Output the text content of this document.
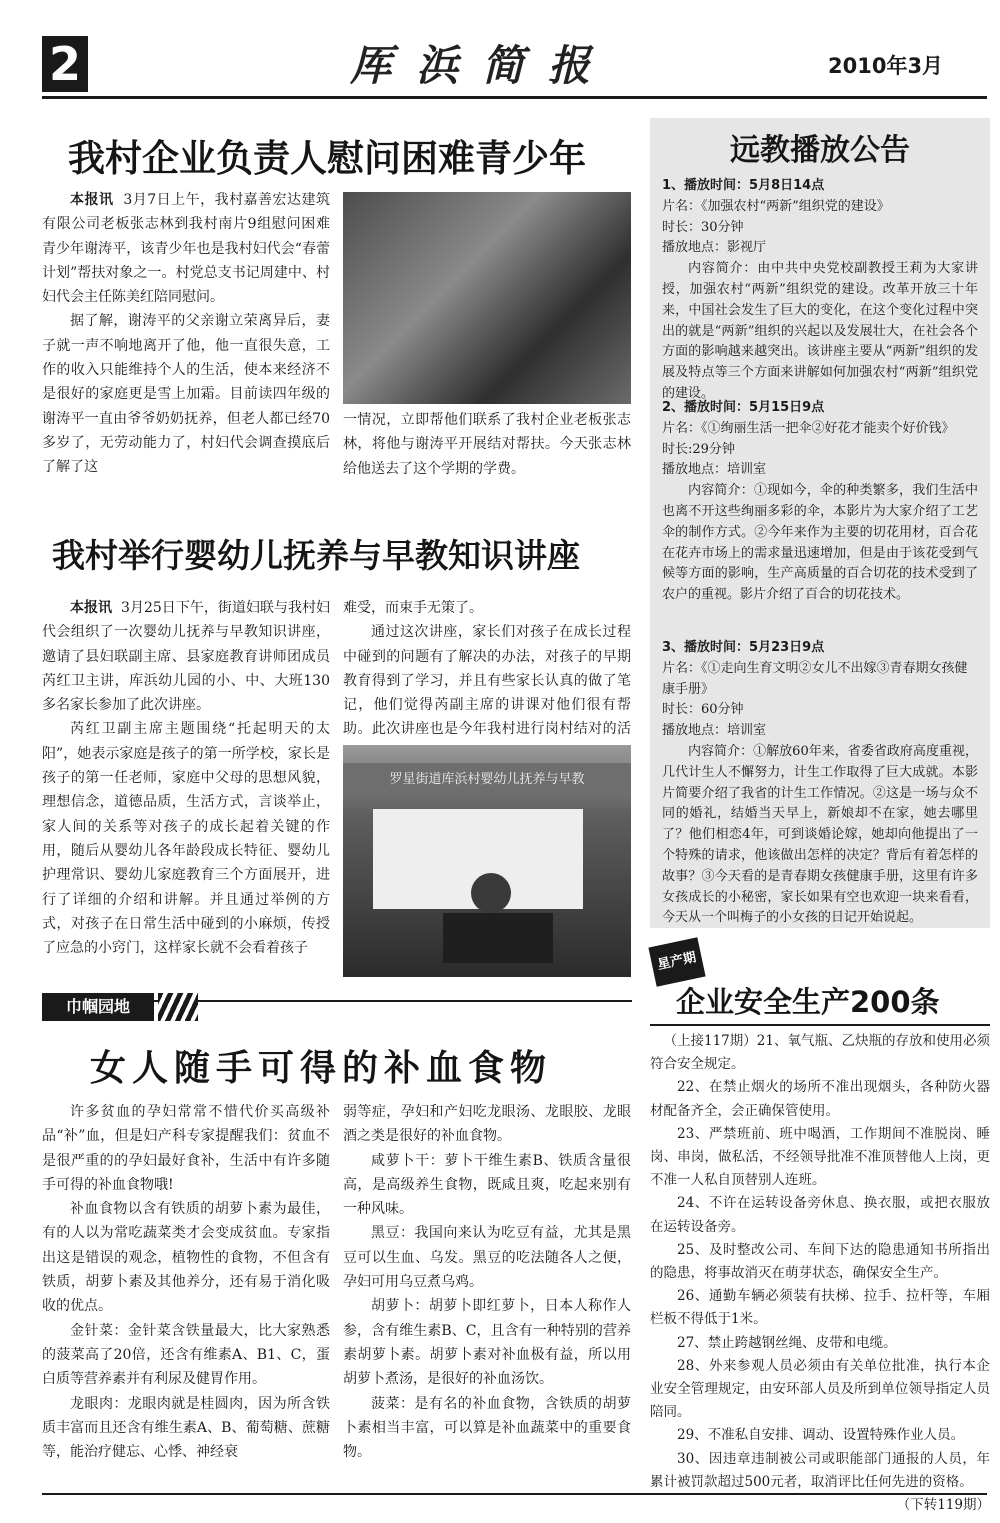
2	厍浜简报	2010年3月
我村企业负责人慰问困难青少年

本报讯 3月7日上午，我村嘉善宏达建筑有限公司老板张志林到我村南片9组慰问困难青少年谢涛平，该青少年也是我村妇代会“春蕾计划”帮扶对象之一。村党总支书记周建中、村妇代会主任陈美红陪同慰问。

据了解，谢涛平的父亲谢立荣离异后，妻子就一声不响地离开了他，他一直很失意，工作的收入只能维持个人的生活，使本来经济不是很好的家庭更是雪上加霜。目前读四年级的谢涛平一直由爷爷奶奶抚养，但老人都已经70多岁了，无劳动能力了，村妇代会调查摸底后了解了这

一情况，立即帮他们联系了我村企业老板张志林，将他与谢涛平开展结对帮扶。今天张志林给他送去了这个学期的学费。

我村举行婴幼儿抚养与早教知识讲座

本报讯 3月25日下午，街道妇联与我村妇代会组织了一次婴幼儿抚养与早教知识讲座，邀请了县妇联副主席、县家庭教育讲师团成员芮红卫主讲，库浜幼儿园的小、中、大班130多名家长参加了此次讲座。

芮红卫副主席主题围绕“托起明天的太阳”，她表示家庭是孩子的第一所学校，家长是孩子的第一任老师，家庭中父母的思想风貌，理想信念，道德品质，生活方式，言谈举止，家人间的关系等对孩子的成长起着关键的作用，随后从婴幼儿各年龄段成长特征、婴幼儿护理常识、婴幼儿家庭教育三个方面展开，进行了详细的介绍和讲解。并且通过举例的方式，对孩子在日常生活中碰到的小麻烦，传授了应急的小窍门，这样家长就不会看着孩子

难受，而束手无策了。

通过这次讲座，家长们对孩子在成长过程中碰到的问题有了解决的办法，对孩子的早期教育得到了学习，并且有些家长认真的做了笔记，他们觉得芮副主席的讲课对他们很有帮助。此次讲座也是今年我村进行岗村结对的活

罗星街道库浜村婴幼儿抚养与早教
巾帼园地
女人随手可得的补血食物

许多贫血的孕妇常常不惜代价买高级补品“补”血，但是妇产科专家提醒我们：贫血不是很严重的的孕妇最好食补，生活中有许多随手可得的补血食物哦!

补血食物以含有铁质的胡萝卜素为最佳，有的人以为常吃蔬菜类才会变成贫血。专家指出这是错误的观念，植物性的食物，不但含有铁质，胡萝卜素及其他养分，还有易于消化吸收的优点。

金针菜：金针菜含铁量最大，比大家熟悉的菠菜高了20倍，还含有维素A、B1、C，蛋白质等营养素并有利尿及健胃作用。

龙眼肉：龙眼肉就是桂圆肉，因为所含铁质丰富而且还含有维生素A、B、葡萄糖、蔗糖等，能治疗健忘、心悸、神经衰

弱等症，孕妇和产妇吃龙眼汤、龙眼胶、龙眼酒之类是很好的补血食物。

咸萝卜干：萝卜干维生素B、铁质含量很高，是高级养生食物，既咸且爽，吃起来别有一种风味。

黑豆：我国向来认为吃豆有益，尤其是黑豆可以生血、乌发。黑豆的吃法随各人之便，孕妇可用乌豆煮乌鸡。

胡萝卜：胡萝卜即红萝卜，日本人称作人参，含有维生素B、C，且含有一种特别的营养素胡萝卜素。胡萝卜素对补血极有益，所以用胡萝卜煮汤，是很好的补血汤饮。

菠菜：是有名的补血食物，含铁质的胡萝卜素相当丰富，可以算是补血蔬菜中的重要食物。

远教播放公告
1、播放时间：5月8日14点
片名：《加强农村“两新”组织党的建设》
时长：30分钟
播放地点：影视厅
内容简介：由中共中央党校副教授王莉为大家讲授，加强农村“两新”组织党的建设。改革开放三十年来，中国社会发生了巨大的变化，在这个变化过程中突出的就是“两新”组织的兴起以及发展壮大，在社会各个方面的影响越来越突出。该讲座主要从“两新”组织的发展及特点等三个方面来讲解如何加强农村“两新”组织党的建设。
2、播放时间：5月15日9点
片名：《①绚丽生活一把伞②好花才能卖个好价钱》
时长:29分钟
播放地点：培训室
内容简介：①现如今，伞的种类繁多，我们生活中也离不开这些绚丽多彩的伞，本影片为大家介绍了工艺伞的制作方式。②今年来作为主要的切花用材，百合花在花卉市场上的需求量迅速增加，但是由于该花受到气候等方面的影响，生产高质量的百合切花的技术受到了农户的重视。影片介绍了百合的切花技术。
3、播放时间：5月23日9点
片名：《①走向生育文明②女儿不出嫁③青春期女孩健康手册》
时长：60分钟
播放地点：培训室
内容简介：①解放60年来，省委省政府高度重视，几代计生人不懈努力，计生工作取得了巨大成就。本影片简要介绍了我省的计生工作情况。②这是一场与众不同的婚礼，结婚当天早上，新娘却不在家，她去哪里了？他们相恋4年，可到谈婚论嫁，她却向他提出了一个特殊的请求，他该做出怎样的决定？背后有着怎样的故事？③今天看的是青春期女孩健康手册，这里有许多女孩成长的小秘密，家长如果有空也欢迎一块来看看，今天从一个叫梅子的小女孩的日记开始说起。
星产期
企业安全生产200条
（上接117期）21、氧气瓶、乙炔瓶的存放和使用必须符合安全规定。
22、在禁止烟火的场所不准出现烟头，各种防火器材配备齐全，会正确保管使用。
23、严禁班前、班中喝酒，工作期间不准脱岗、睡岗、串岗，做私活，不经领导批准不准顶替他人上岗，更不准一人私自顶替别人连班。
24、不许在运转设备旁休息、换衣服，或把衣服放在运转设备旁。
25、及时整改公司、车间下达的隐患通知书所指出的隐患，将事故消灭在萌芽状态，确保安全生产。
26、通勤车辆必须装有扶梯、拉手、拉杆等，车厢栏板不得低于1米。
27、禁止跨越钢丝绳、皮带和电缆。
28、外来参观人员必须由有关单位批准，执行本企业安全管理规定，由安环部人员及所到单位领导指定人员陪同。
29、不准私自安排、调动、设置特殊作业人员。
30、因违章违制被公司或职能部门通报的人员，年累计被罚款超过500元者，取消评比任何先进的资格。
（下转119期）
